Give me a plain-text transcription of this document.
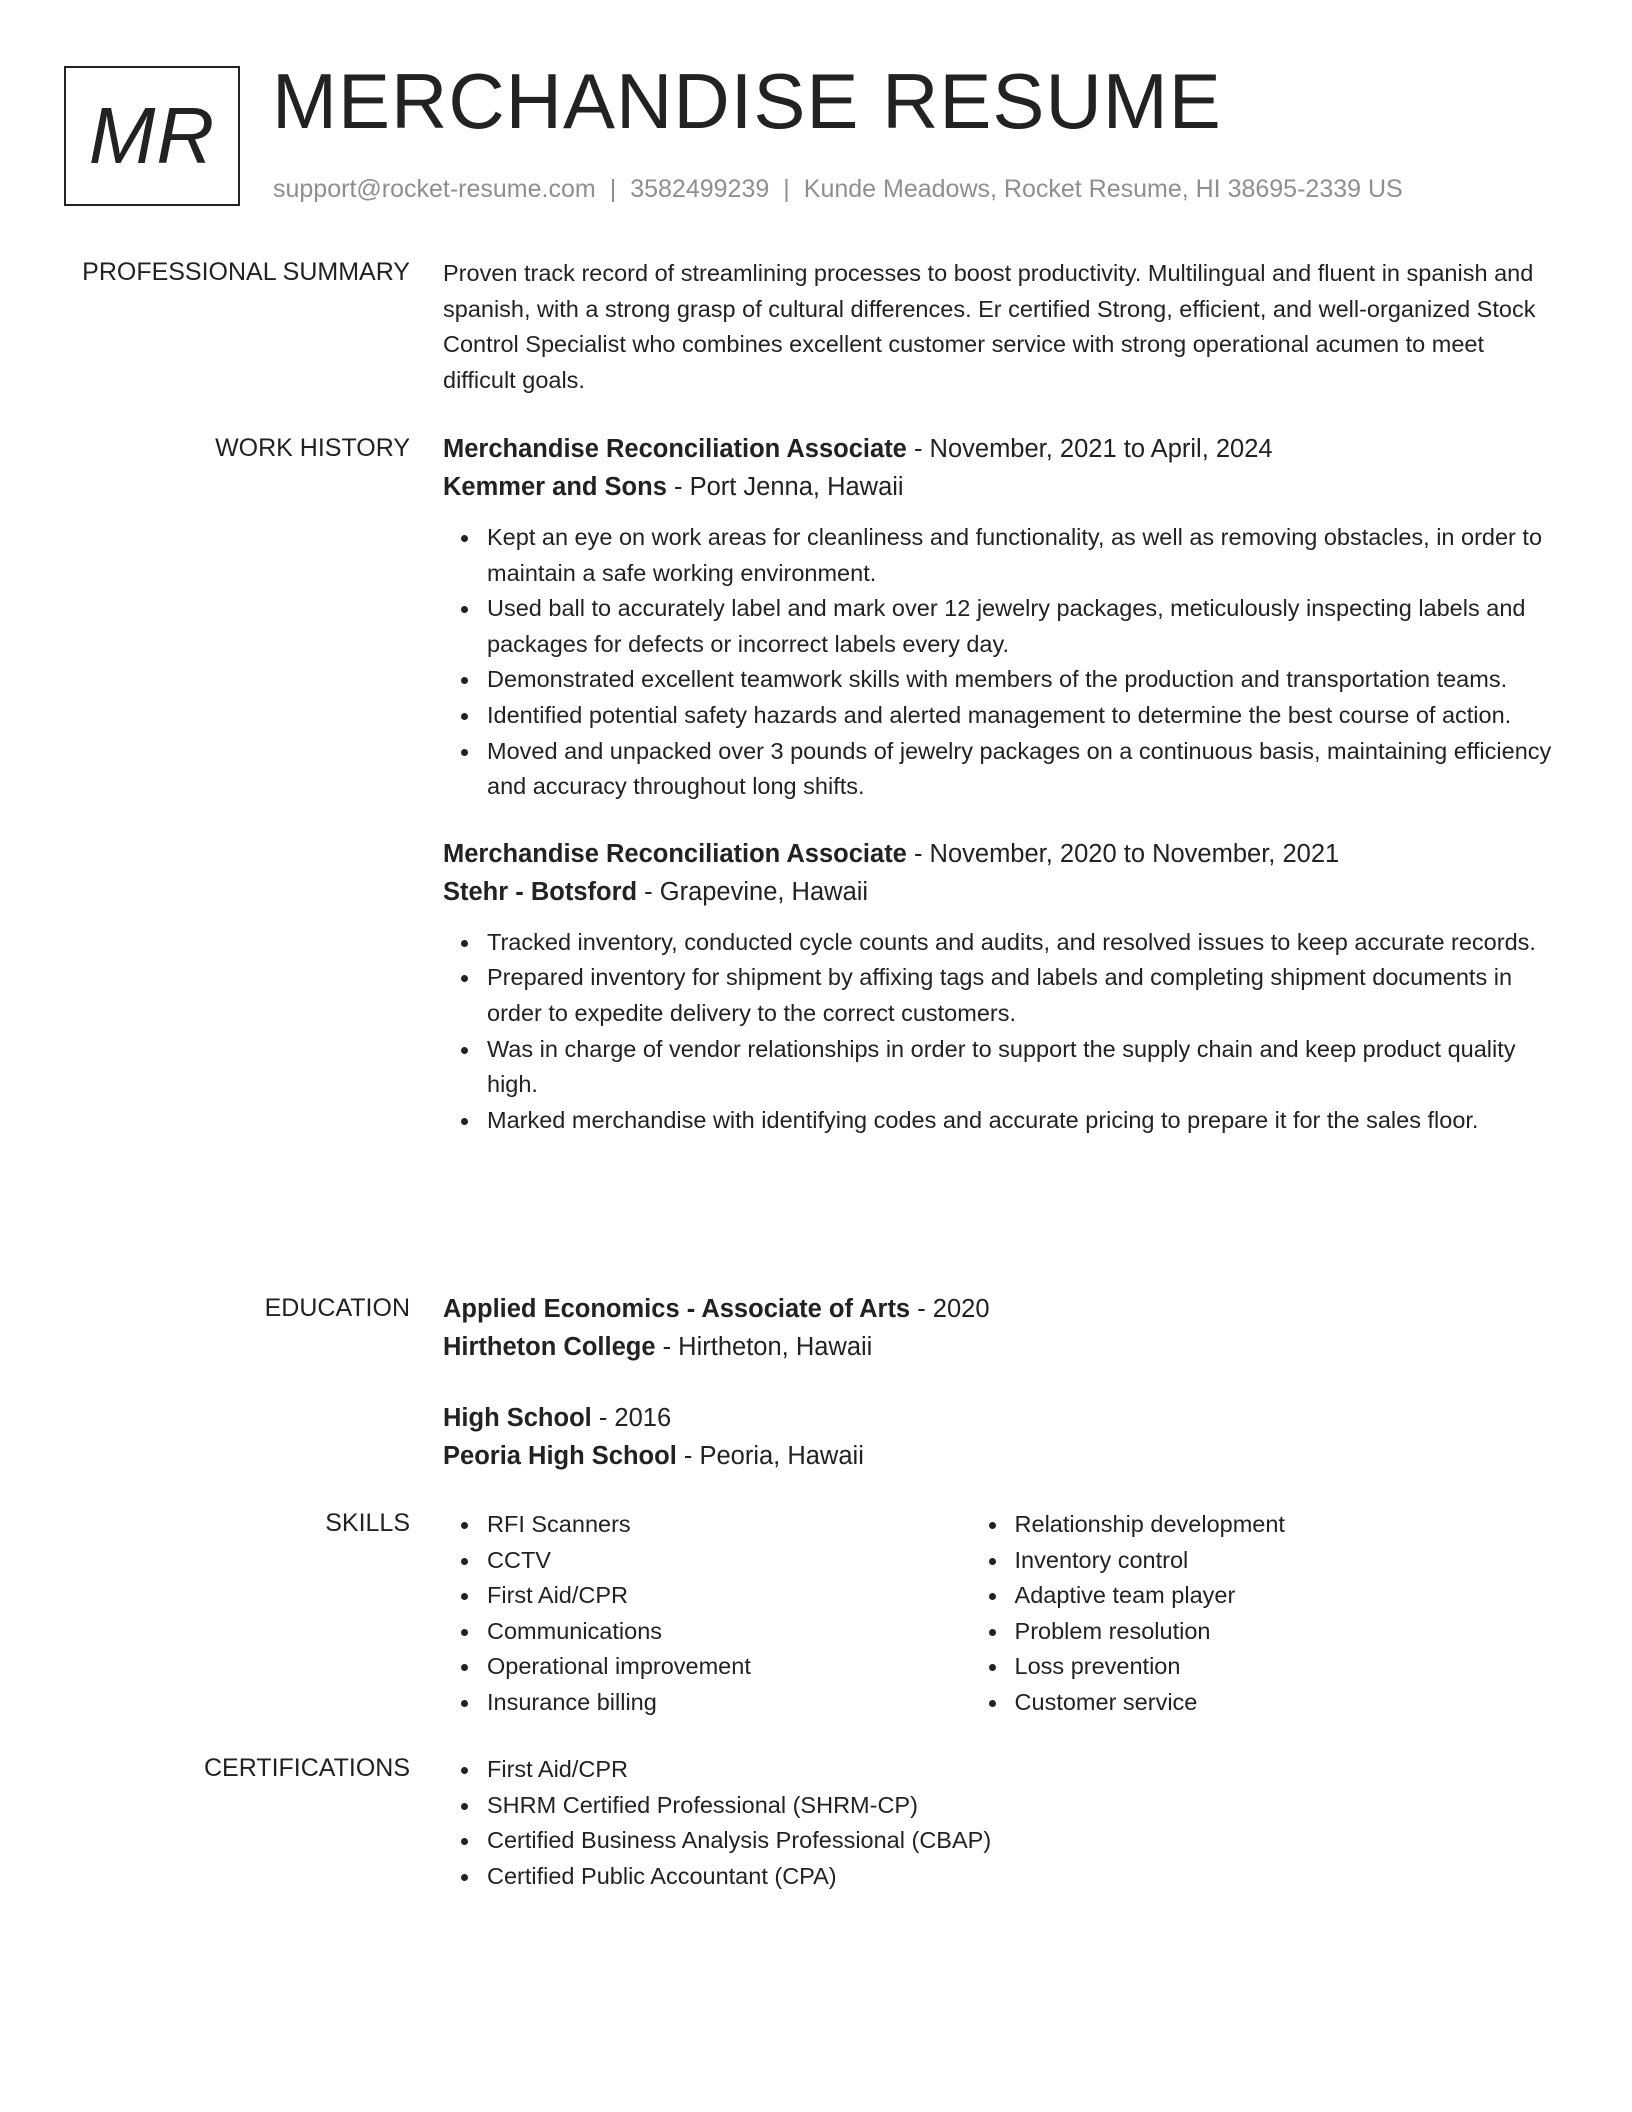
MR MERCHANDISE RESUME
support@rocket-resume.com | 3582499239 | Kunde Meadows, Rocket Resume, HI 38695-2339 US
PROFESSIONAL SUMMARY Proven track record of streamlining processes to boost productivity. Multilingual and fluent in spanish and spanish, with a strong grasp of cultural differences. Er certified Strong, efficient, and well-organized Stock Control Specialist who combines excellent customer service with strong operational acumen to meet difficult goals.

WORK HISTORY Merchandise Reconciliation Associate - November, 2021 to April, 2024
Kemmer and Sons - Port Jenna, Hawaii
Kept an eye on work areas for cleanliness and functionality, as well as removing obstacles, in order to maintain a safe working environment.
Used ball to accurately label and mark over 12 jewelry packages, meticulously inspecting labels and packages for defects or incorrect labels every day.
Demonstrated excellent teamwork skills with members of the production and transportation teams.
Identified potential safety hazards and alerted management to determine the best course of action.
Moved and unpacked over 3 pounds of jewelry packages on a continuous basis, maintaining efficiency and accuracy throughout long shifts.
Merchandise Reconciliation Associate - November, 2020 to November, 2021
Stehr - Botsford - Grapevine, Hawaii
Tracked inventory, conducted cycle counts and audits, and resolved issues to keep accurate records.
Prepared inventory for shipment by affixing tags and labels and completing shipment documents in order to expedite delivery to the correct customers.
Was in charge of vendor relationships in order to support the supply chain and keep product quality high.
Marked merchandise with identifying codes and accurate pricing to prepare it for the sales floor.
EDUCATION Applied Economics - Associate of Arts - 2020
Hirtheton College - Hirtheton, Hawaii
High School - 2016
Peoria High School - Peoria, Hawaii
SKILLS	RFI Scanners
CCTV
First Aid/CPR
Communications
Operational improvement
Insurance billing
Relationship development
Inventory control
Adaptive team player
Problem resolution
Loss prevention
Customer service
CERTIFICATIONS	First Aid/CPR
SHRM Certified Professional (SHRM-CP)
Certified Business Analysis Professional (CBAP)
Certified Public Accountant (CPA)
